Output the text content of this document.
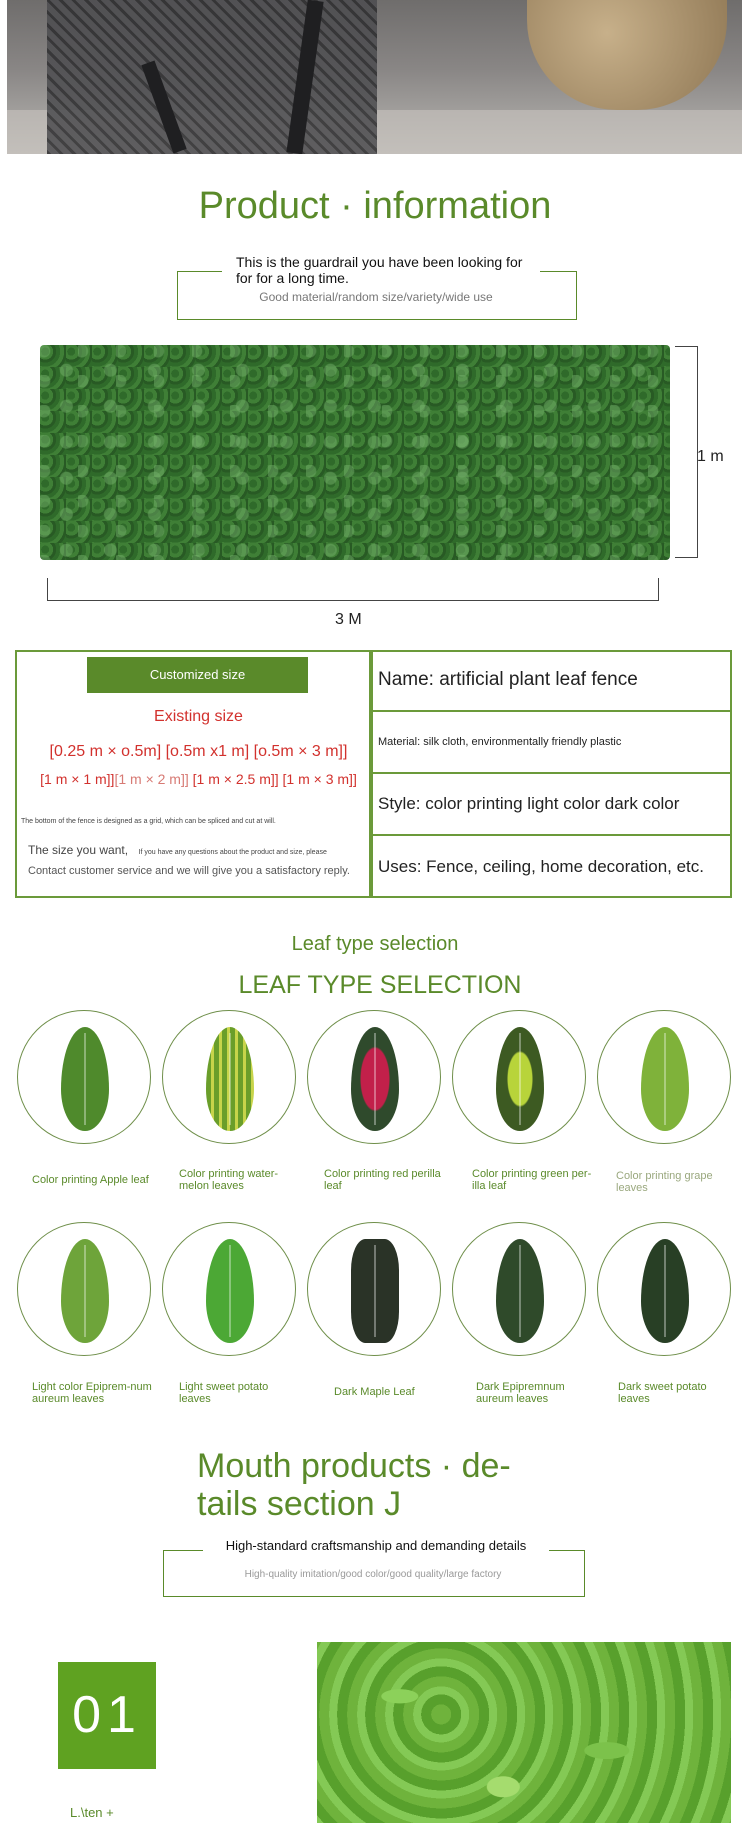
Product · information
This is the guardrail you have been looking for for for a long time.
Good material/random size/variety/wide use
1 m
3 M
Customized size
Existing size
[0.25 m × o.5m] [o.5m x1 m] [o.5m × 3 m]]
[1 m × 1 m]][1 m × 2 m]] [1 m × 2.5 m]] [1 m × 3 m]]
The bottom of the fence is designed as a grid, which can be spliced and cut at will.
The size you want, If you have any questions about the product and size, please
Contact customer service and we will give you a satisfactory reply.
Name: artificial plant leaf fence
Material: silk cloth, environmentally friendly plastic
Style: color printing light color dark color
Uses: Fence, ceiling, home decoration, etc.
Leaf type selection
LEAF TYPE SELECTION
Color printing Apple leaf	Color printing water-melon leaves
Color printing red perilla leaf
Color printing green per-illa leaf
Color printing grape leaves
Light color Epiprem-num aureum leaves
Light sweet potato leaves
Dark Maple Leaf	Dark Epipremnum aureum leaves
Dark sweet potato leaves
Mouth products · de-
tails section J
High-standard craftsmanship and demanding details
High-quality imitation/good color/good quality/large factory
01
L.\ten +
